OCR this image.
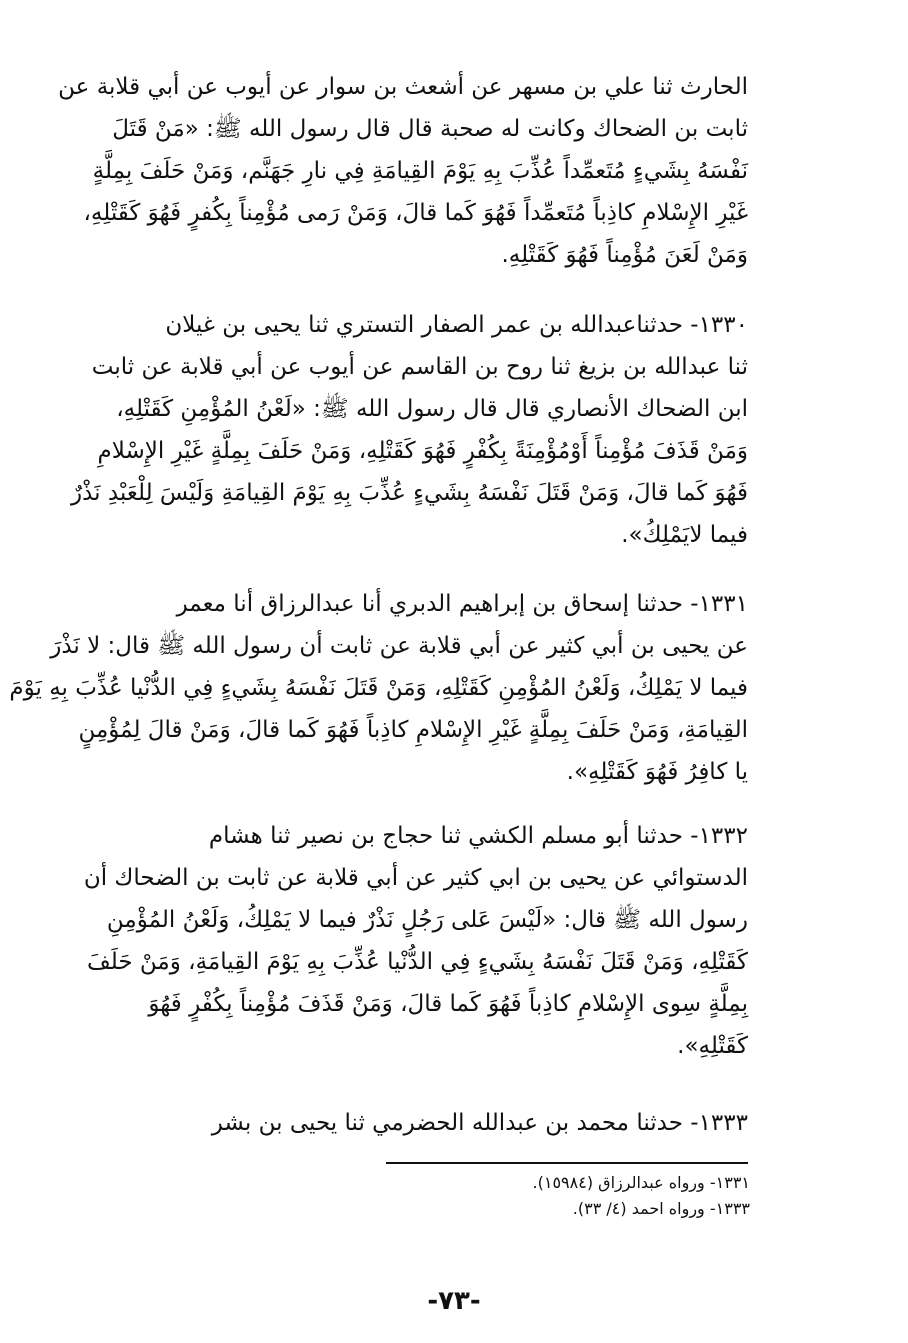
الحارث ثنا علي بن مسهر عن أشعث بن سوار عن أيوب عن أبي قلابة عن
ثابت بن الضحاك وكانت له صحبة قال قال رسول الله ﷺ: «مَنْ قَتَلَ
نَفْسَهُ بِشَيءٍ مُتَعمِّداً عُذِّبَ بِهِ يَوْمَ القِيامَةِ فِي نارِ جَهَنَّم، وَمَنْ حَلَفَ بِمِلَّةٍ
غَيْرِ الإِسْلامِ كاذِباً مُتَعمِّداً فَهُوَ كَما قالَ، وَمَنْ رَمى مُؤْمِناً بِكُفرٍ فَهُوَ كَقَتْلِهِ،
وَمَنْ لَعَنَ مُؤْمِناً فَهُوَ كَقَتْلِهِ.
١٣٣٠- حدثناعبدالله بن عمر الصفار التستري ثنا يحيى بن غيلان
ثنا عبدالله بن بزيغ ثنا روح بن القاسم عن أيوب عن أبي قلابة عن ثابت
ابن الضحاك الأنصاري قال قال رسول الله ﷺ: «لَعْنُ المُؤْمِنِ كَقَتْلِهِ،
وَمَنْ قَذَفَ مُؤْمِناً أَوْمُؤْمِنَةً بِكُفْرٍ فَهُوَ كَقَتْلِهِ، وَمَنْ حَلَفَ بِمِلَّةٍ غَيْرِ الإِسْلامِ
فَهُوَ كَما قالَ، وَمَنْ قَتَلَ نَفْسَهُ بِشَيءٍ عُذِّبَ بِهِ يَوْمَ القِيامَةِ وَلَيْسَ لِلْعَبْدِ نَذْرٌ
فيما لايَمْلِكُ».
١٣٣١- حدثنا إسحاق بن إبراهيم الدبري أنا عبدالرزاق أنا معمر
عن يحيى بن أبي كثير عن أبي قلابة عن ثابت أن رسول الله ﷺ قال: لا نَذْرَ
فيما لا يَمْلِكُ، وَلَعْنُ المُؤْمِنِ كَقَتْلِهِ، وَمَنْ قَتَلَ نَفْسَهُ بِشَيءٍ فِي الدُّنْيا عُذِّبَ بِهِ يَوْمَ
القِيامَةِ، وَمَنْ حَلَفَ بِمِلَّةٍ غَيْرِ الإِسْلامِ كاذِباً فَهُوَ كَما قالَ، وَمَنْ قالَ لِمُؤْمِنٍ
يا كافِرُ فَهُوَ كَقَتْلِهِ».
١٣٣٢- حدثنا أبو مسلم الكشي ثنا حجاج بن نصير ثنا هشام
الدستوائي عن يحيى بن ابي كثير عن أبي قلابة عن ثابت بن الضحاك أن
رسول الله ﷺ قال: «لَيْسَ عَلى رَجُلٍ نَذْرٌ فيما لا يَمْلِكُ، وَلَعْنُ المُؤْمِنِ
كَقَتْلِهِ، وَمَنْ قَتَلَ نَفْسَهُ بِشَيءٍ فِي الدُّنْيا عُذِّبَ بِهِ يَوْمَ القِيامَةِ، وَمَنْ حَلَفَ
بِمِلَّةٍ سِوى الإِسْلامِ كاذِباً فَهُوَ كَما قالَ، وَمَنْ قَذَفَ مُؤْمِناً بِكُفْرٍ فَهُوَ
كَقَتْلِهِ».
١٣٣٣- حدثنا محمد بن عبدالله الحضرمي ثنا يحيى بن بشر
١٣٣١- ورواه عبدالرزاق (١٥٩٨٤).
١٣٣٣- ورواه احمد (٤/ ٣٣).
-٧٣-
